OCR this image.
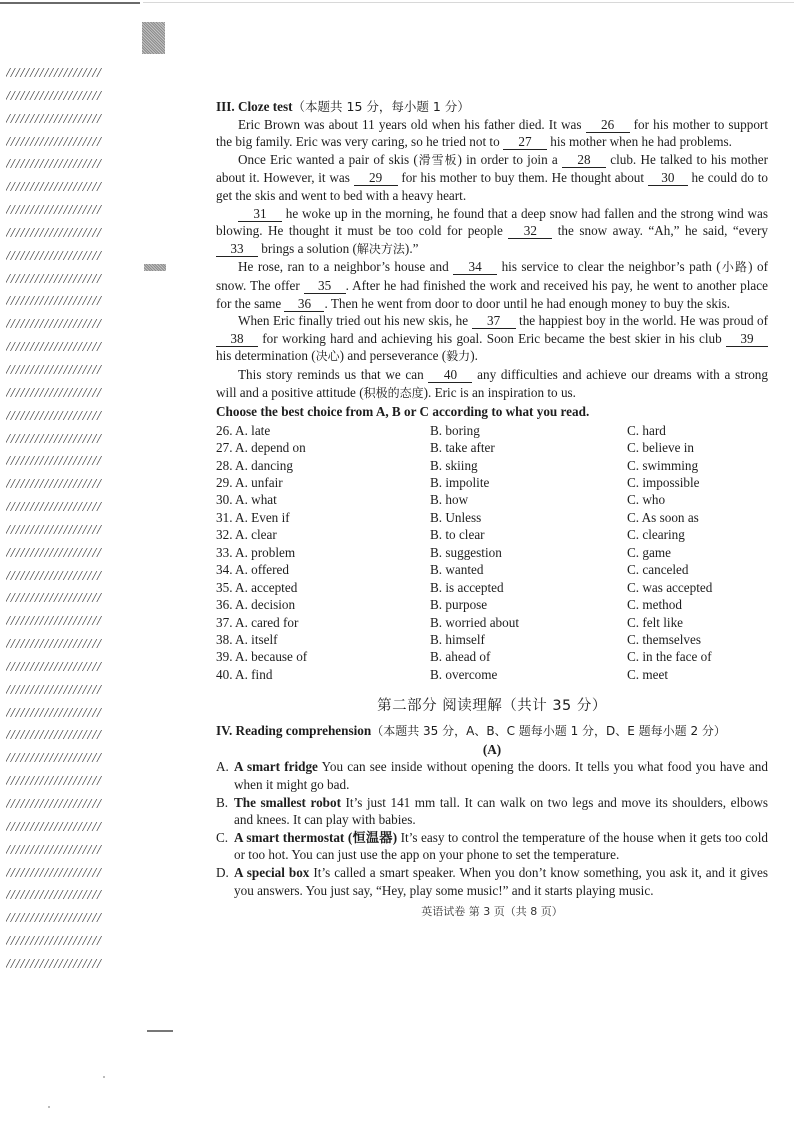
////////////////////
////////////////////
////////////////////
////////////////////
////////////////////
////////////////////
////////////////////
////////////////////
////////////////////
////////////////////
////////////////////
////////////////////
////////////////////
////////////////////
////////////////////
////////////////////
////////////////////
////////////////////
////////////////////
////////////////////
////////////////////
////////////////////
////////////////////
////////////////////
////////////////////
////////////////////
////////////////////
////////////////////
////////////////////
////////////////////
////////////////////
////////////////////
////////////////////
////////////////////
////////////////////
////////////////////
////////////////////
////////////////////
////////////////////
////////////////////
III. Cloze test（本题共 15 分，每小题 1 分）
Eric Brown was about 11 years old when his father died. It was 26 for his mother to support the big family. Eric was very caring, so he tried not to 27 his mother when he had problems.
Once Eric wanted a pair of skis (滑雪板) in order to join a 28 club. He talked to his mother about it. However, it was 29 for his mother to buy them. He thought about 30 he could do to get the skis and went to bed with a heavy heart.
31 he woke up in the morning, he found that a deep snow had fallen and the strong wind was blowing. He thought it must be too cold for people 32 the snow away. “Ah,” he said, “every 33 brings a solution (解决方法).”
He rose, ran to a neighbor’s house and 34 his service to clear the neighbor’s path (小路) of snow. The offer 35 . After he had finished the work and received his pay, he went to another place for the same 36 . Then he went from door to door until he had enough money to buy the skis.
When Eric finally tried out his new skis, he 37 the happiest boy in the world. He was proud of 38 for working hard and achieving his goal. Soon Eric became the best skier in his club 39 his determination (决心) and perseverance (毅力).
This story reminds us that we can 40 any difficulties and achieve our dreams with a strong will and a positive attitude (积极的态度). Eric is an inspiration to us.
Choose the best choice from A, B or C according to what you read.
26. A. late	B. boring	C. hard
27. A. depend on	B. take after	C. believe in
28. A. dancing	B. skiing	C. swimming
29. A. unfair	B. impolite	C. impossible
30. A. what	B. how	C. who
31. A. Even if	B. Unless	C. As soon as
32. A. clear	B. to clear	C. clearing
33. A. problem	B. suggestion	C. game
34. A. offered	B. wanted	C. canceled
35. A. accepted	B. is accepted	C. was accepted
36. A. decision	B. purpose	C. method
37. A. cared for	B. worried about	C. felt like
38. A. itself	B. himself	C. themselves
39. A. because of	B. ahead of	C. in the face of
40. A. find	B. overcome	C. meet
第二部分 阅读理解（共计 35 分）
IV. Reading comprehension（本题共 35 分，A、B、C 题每小题 1 分，D、E 题每小题 2 分）
(A)
A. A smart fridge You can see inside without opening the doors. It tells you what food you have and when it might go bad.
B. The smallest robot It’s just 141 mm tall. It can walk on two legs and move its shoulders, elbows and knees. It can play with babies.
C. A smart thermostat (恒温器) It’s easy to control the temperature of the house when it gets too cold or too hot. You can just use the app on your phone to set the temperature.
D. A special box It’s called a smart speaker. When you don’t know something, you ask it, and it gives you answers. You just say, “Hey, play some music!” and it starts playing music.
英语试卷 第 3 页（共 8 页）
